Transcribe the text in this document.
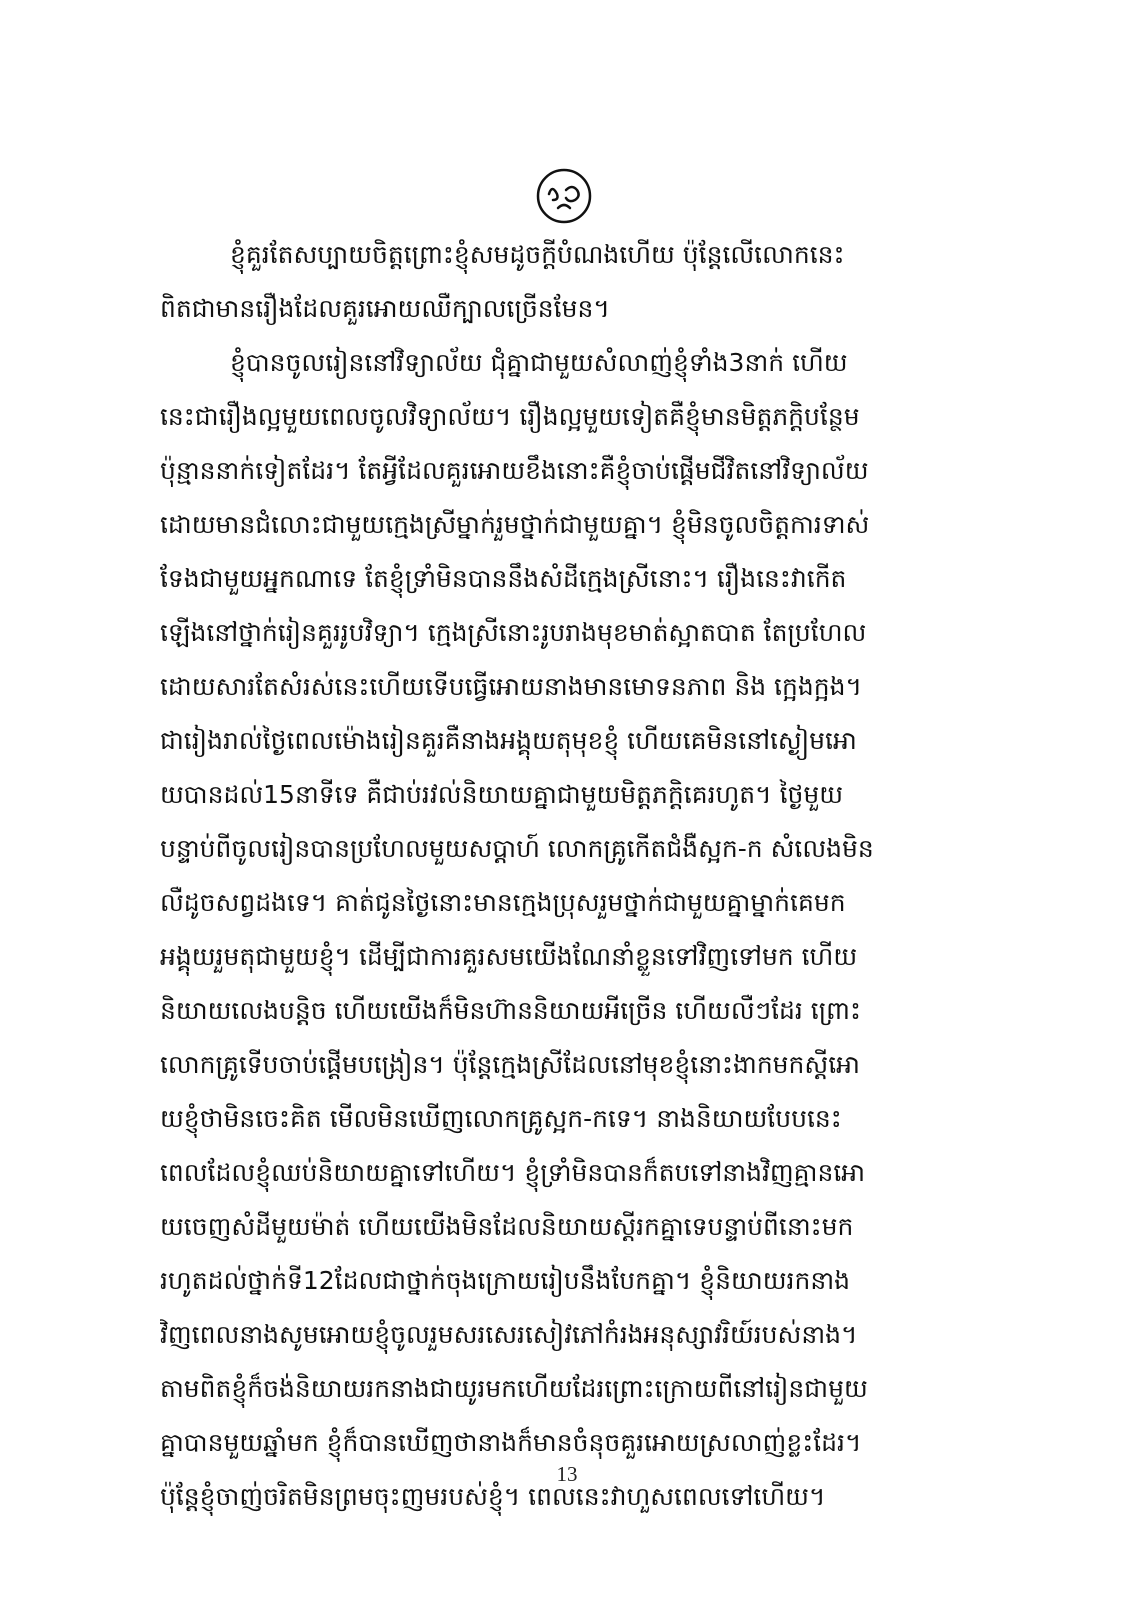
ខ្ញុំគួរតែសប្បាយចិត្តព្រោះខ្ញុំសមដូចក្តីបំណងហើយ ប៉ុន្តែលើលោកនេះ
ពិតជាមានរឿងដែលគួរអោយឈឺក្បាលច្រើនមែន។
ខ្ញុំបានចូលរៀននៅវិទ្យាល័យ ជុំគ្នាជាមួយសំលាញ់ខ្ញុំទាំង3នាក់ ហើយ
នេះជារឿងល្អមួយពេលចូលវិទ្យាល័យ។ រឿងល្អមួយទៀតគឺខ្ញុំមានមិត្តភក្តិបន្ថែម
ប៉ុន្មាននាក់ទៀតដែរ។ តែអ្វីដែលគួរអោយខឹងនោះគឺខ្ញុំចាប់ផ្តើមជីវិតនៅវិទ្យាល័យ
ដោយមានជំលោះជាមួយក្មេងស្រីម្នាក់រួមថ្នាក់ជាមួយគ្នា។ ខ្ញុំមិនចូលចិត្តការទាស់
ទែងជាមួយអ្នកណាទេ តែខ្ញុំទ្រាំមិនបាននឹងសំដីក្មេងស្រីនោះ។ រឿងនេះវាកើត
ឡើងនៅថ្នាក់រៀនគួររូបវិទ្យា។ ក្មេងស្រីនោះរូបរាងមុខមាត់ស្អាតបាត តែប្រហែល
ដោយសារតែសំរស់នេះហើយទើបធ្វើអោយនាងមានមោទនភាព និង ក្អេងក្អង។
ជារៀងរាល់ថ្ងៃពេលម៉ោងរៀនគួរគឺនាងអង្គុយតុមុខខ្ញុំ ហើយគេមិននៅស្ងៀមអោ
យបានដល់15នាទីទេ គឺជាប់រវល់និយាយគ្នាជាមួយមិត្តភក្តិគេរហូត។ ថ្ងៃមួយ
បន្ទាប់ពីចូលរៀនបានប្រហែលមួយសប្តាហ៍ លោកគ្រូកើតជំងឺស្អក-ក សំលេងមិន
លឺដូចសព្វដងទេ។ គាត់ជូនថ្ងៃនោះមានក្មេងប្រុសរួមថ្នាក់ជាមួយគ្នាម្នាក់គេមក
អង្គុយរួមតុជាមួយខ្ញុំ។ ដើម្បីជាការគួរសមយើងណែនាំខ្លួនទៅវិញទៅមក ហើយ
និយាយលេងបន្តិច ហើយយើងក៏មិនហ៊ាននិយាយអីច្រើន ហើយលឺៗដែរ ព្រោះ
លោកគ្រូទើបចាប់ផ្តើមបង្រៀន។ ប៉ុន្តែក្មេងស្រីដែលនៅមុខខ្ញុំនោះងាកមកស្តីអោ
យខ្ញុំថាមិនចេះគិត មើលមិនឃើញលោកគ្រូស្អក-កទេ។ នាងនិយាយបែបនេះ
ពេលដែលខ្ញុំឈប់និយាយគ្នាទៅហើយ។ ខ្ញុំទ្រាំមិនបានក៏តបទៅនាងវិញគ្មានអោ
យចេញសំដីមួយម៉ាត់ ហើយយើងមិនដែលនិយាយស្តីរកគ្នាទេបន្ទាប់ពីនោះមក
រហូតដល់ថ្នាក់ទី12ដែលជាថ្នាក់ចុងក្រោយរៀបនឹងបែកគ្នា។ ខ្ញុំនិយាយរកនាង
វិញពេលនាងសូមអោយខ្ញុំចូលរួមសរសេរសៀវភៅកំរងអនុស្សាវរិយ៍របស់នាង។
តាមពិតខ្ញុំក៏ចង់និយាយរកនាងជាយូរមកហើយដែរព្រោះក្រោយពីនៅរៀនជាមួយ
គ្នាបានមួយឆ្នាំមក ខ្ញុំក៏បានឃើញថានាងក៏មានចំនុចគួរអោយស្រលាញ់ខ្លះដែរ។
ប៉ុន្តែខ្ញុំចាញ់ចរិតមិនព្រមចុះញមរបស់ខ្ញុំ។ ពេលនេះវាហួសពេលទៅហើយ។
13
